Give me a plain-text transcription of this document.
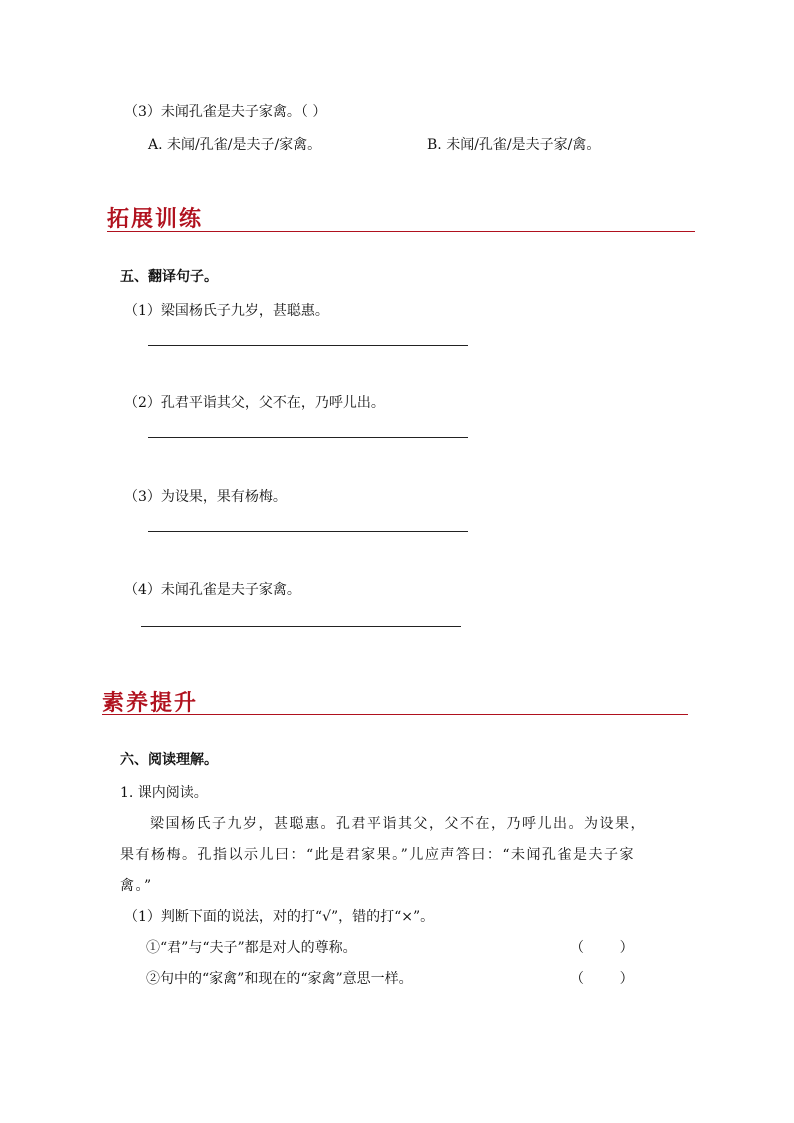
（3）未闻孔雀是夫子家禽。（ ）
A. 未闻/孔雀/是夫子/家禽。	B. 未闻/孔雀/是夫子家/禽。
拓展训练
五、翻译句子。
（1）梁国杨氏子九岁，甚聪惠。
（2）孔君平诣其父，父不在，乃呼儿出。
（3）为设果，果有杨梅。
（4）未闻孔雀是夫子家禽。
素养提升
六、阅读理解。
1. 课内阅读。
梁国杨氏子九岁，甚聪惠。孔君平诣其父，父不在，乃呼儿出。为设果，
果有杨梅。孔指以示儿曰：“此是君家果。”儿应声答曰：“未闻孔雀是夫子家
禽。”
（1）判断下面的说法，对的打“√”，错的打“×”。
①“君”与“夫子”都是对人的尊称。	（        ）
②句中的“家禽”和现在的“家禽”意思一样。	（        ）
